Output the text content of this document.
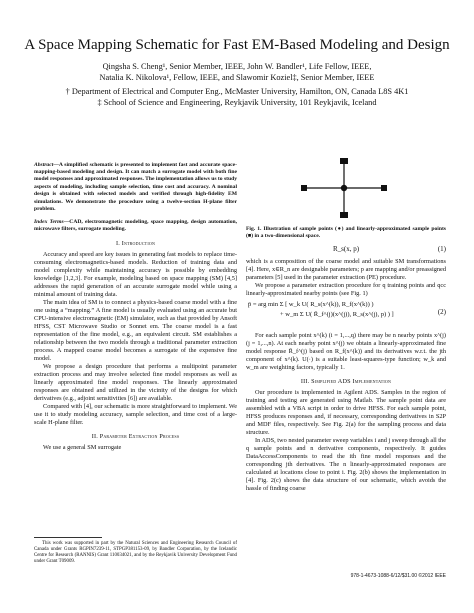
A Space Mapping Schematic for Fast EM-Based Modeling and Design
Qingsha S. Cheng¹, Senior Member, IEEE, John W. Bandler¹, Life Fellow, IEEE,
Natalia K. Nikolova¹, Fellow, IEEE, and Slawomir Koziel‡, Senior Member, IEEE
† Department of Electrical and Computer Eng., McMaster University, Hamilton, ON, Canada L8S 4K1
‡ School of Science and Engineering, Reykjavik University, 101 Reykjavik, Iceland

Abstract—A simplified schematic is presented to implement fast and accurate space-mapping-based modeling and design. It can match a surrogate model with both fine model responses and approximated responses. The implementation allows us to study aspects of modeling, including sample selection, time cost and accuracy. A nominal design is obtained with selected models and verified through high-fidelity EM simulations. We demonstrate the procedure using a twelve-section H-plane filter problem.

Index Terms—CAD, electromagnetic modeling, space mapping, design automation, microwave filters, surrogate modeling.

I. Introduction

Accuracy and speed are key issues in generating fast models to replace time-consuming electromagnetics-based models. Reduction of training data and model complexity while maintaining accuracy is possible by embedding knowledge [1,2,3]. For example, modeling based on space mapping (SM) [4,5] addresses the rapid generation of an accurate surrogate model while using a minimal amount of training data.

The main idea of SM is to connect a physics-based coarse model with a fine one using a “mapping.” A fine model is usually evaluated using an accurate but CPU-intensive electromagnetic (EM) simulator, such as that provided by Ansoft HFSS, CST Microwave Studio or Sonnet em. The coarse model is a fast representation of the fine model, e.g., an equivalent circuit. SM establishes a relationship between the two models through a traditional parameter extraction process. A mapped coarse model becomes a surrogate of the expensive fine model.

We propose a design procedure that performs a multipoint parameter extraction process and may involve selected fine model responses as well as linearly approximated fine model responses. The linearly approximated responses are obtained and utilized in the vicinity of the designs for which derivatives (e.g., adjoint sensitivities [6]) are available.

Compared with [4], our schematic is more straightforward to implement. We use it to study modeling accuracy, sample selection, and time cost of a large-scale H-plane filter.

II. Parameter Extraction Process

We use a general SM surrogate

This work was supported in part by the Natural Sciences and Engineering Research Council of Canada under Grants RGPIN7239-11, STPGP381153-09, by Bandler Corporation, by the Icelandic Centre for Research (RANNIS) Grant 110034021, and by the Reykjavik University Development Fund under Grant T09009.

Fig. 1. Illustration of sample points (●) and linearly-approximated sample points (■) in a two-dimensional space.

R_s(x, p)	(1)

which is a composition of the coarse model and suitable SM transformations [4]. Here, x∈R_n are designable parameters; p are mapping and/or preassigned parameters [5] used in the parameter extraction (PE) procedure.

We propose a parameter extraction procedure for q training points and qcc linearly-approximated nearby points (see Fig. 1)

p̄ = arg min Σ [ w_k U( R_s(x^(k)), R_f(x^(k)) )
+ w_m Σ U( R̄_f^(j)(x^(j)), R_s(x^(j), p) ) ]	(2)

For each sample point x^(k) (i = 1,...,q) there may be n nearby points x^(j) (j = 1,...,n). At each nearby point x^(j) we obtain a linearly-approximated fine model response R̄_f^(j) based on R_f(x^(k)) and its derivatives w.r.t. the jth component of x^(k). U(·) is a suitable least-squares-type function; w_k and w_m are weighting factors, typically 1.

III. Simplified ADS Implementation

Our procedure is implemented in Agilent ADS. Samples in the region of training and testing are generated using Matlab. The sample point data are assembled with a VBA script in order to drive HFSS. For each sample point, HFSS produces responses and, if necessary, corresponding derivatives in S2P and MDF files, respectively. See Fig. 2(a) for the sampling process and data structure.

In ADS, two nested parameter sweep variables i and j sweep through all the q sample points and n derivative components, respectively. It guides DataAccessComponents to read the ith fine model responses and the corresponding jth derivatives. The n linearly-approximated responses are calculated at locations close to point i. Fig. 2(b) shows the implementation in [4]. Fig. 2(c) shows the data structure of our schematic, which avoids the hassle of finding coarse

978-1-4673-1088-6/12/$31.00 ©2012 IEEE
